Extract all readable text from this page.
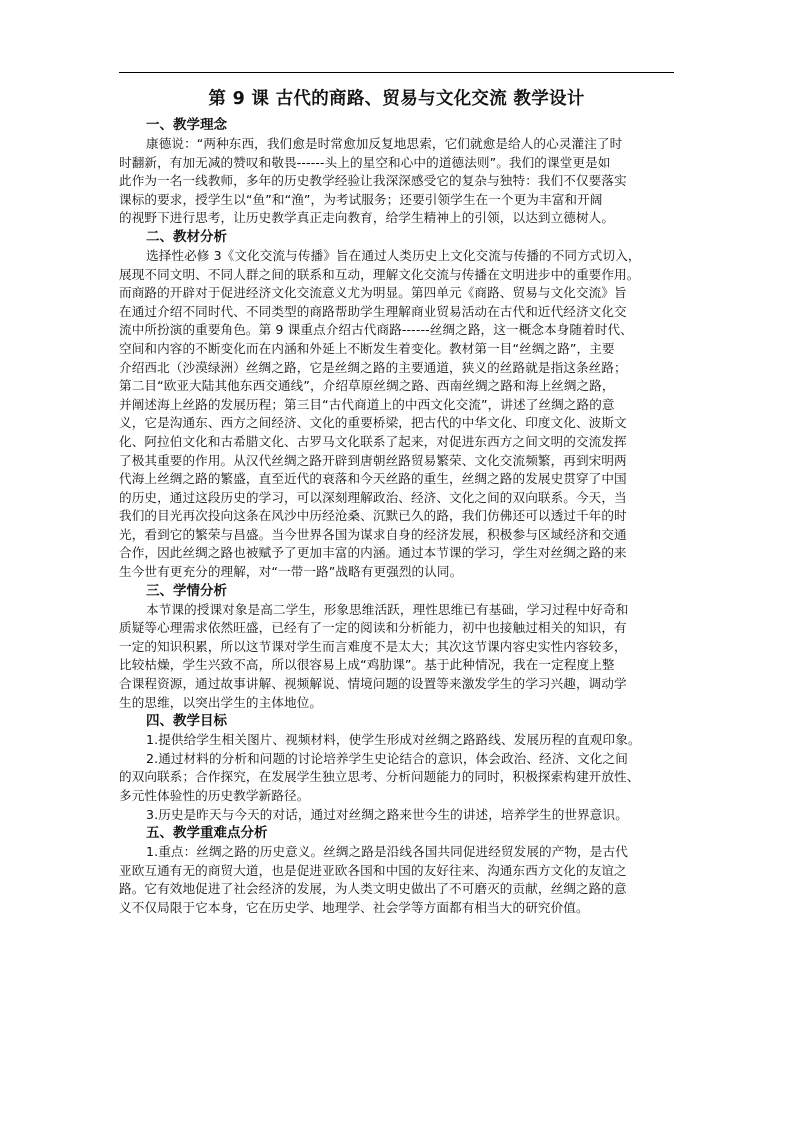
第 9 课 古代的商路、贸易与文化交流 教学设计
一、教学理念

康德说：“两种东西，我们愈是时常愈加反复地思索，它们就愈是给人的心灵灌注了时
时翻新，有加无减的赞叹和敬畏------头上的星空和心中的道德法则”。我们的课堂更是如
此作为一名一线教师，多年的历史教学经验让我深深感受它的复杂与独特：我们不仅要落实
课标的要求，授学生以“鱼”和“渔”，为考试服务；还要引领学生在一个更为丰富和开阔
的视野下进行思考，让历史教学真正走向教育，给学生精神上的引领，以达到立德树人。

二、教材分析

选择性必修 3《文化交流与传播》旨在通过人类历史上文化交流与传播的不同方式切入，
展现不同文明、不同人群之间的联系和互动，理解文化交流与传播在文明进步中的重要作用。
而商路的开辟对于促进经济文化交流意义尤为明显。第四单元《商路、贸易与文化交流》旨
在通过介绍不同时代、不同类型的商路帮助学生理解商业贸易活动在古代和近代经济文化交
流中所扮演的重要角色。第 9 课重点介绍古代商路------丝绸之路，这一概念本身随着时代、
空间和内容的不断变化而在内涵和外延上不断发生着变化。教材第一目“丝绸之路”，主要
介绍西北（沙漠绿洲）丝绸之路，它是丝绸之路的主要通道，狭义的丝路就是指这条丝路；
第二目“欧亚大陆其他东西交通线”，介绍草原丝绸之路、西南丝绸之路和海上丝绸之路，
并阐述海上丝路的发展历程；第三目“古代商道上的中西文化交流”，讲述了丝绸之路的意
义，它是沟通东、西方之间经济、文化的重要桥梁，把古代的中华文化、印度文化、波斯文
化、阿拉伯文化和古希腊文化、古罗马文化联系了起来，对促进东西方之间文明的交流发挥
了极其重要的作用。从汉代丝绸之路开辟到唐朝丝路贸易繁荣、文化交流频繁，再到宋明两
代海上丝绸之路的繁盛，直至近代的衰落和今天丝路的重生，丝绸之路的发展史贯穿了中国
的历史，通过这段历史的学习，可以深刻理解政治、经济、文化之间的双向联系。今天，当
我们的目光再次投向这条在风沙中历经沧桑、沉默已久的路，我们仿佛还可以透过千年的时
光，看到它的繁荣与昌盛。当今世界各国为谋求自身的经济发展，积极参与区域经济和交通
合作，因此丝绸之路也被赋予了更加丰富的内涵。通过本节课的学习，学生对丝绸之路的来
生今世有更充分的理解，对“一带一路”战略有更强烈的认同。

三、学情分析

本节课的授课对象是高二学生，形象思维活跃，理性思维已有基础，学习过程中好奇和
质疑等心理需求依然旺盛，已经有了一定的阅读和分析能力，初中也接触过相关的知识，有
一定的知识积累，所以这节课对学生而言难度不是太大；其次这节课内容史实性内容较多，
比较枯燥，学生兴致不高，所以很容易上成“鸡肋课”。基于此种情况，我在一定程度上整
合课程资源，通过故事讲解、视频解说、情境问题的设置等来激发学生的学习兴趣，调动学
生的思维，以突出学生的主体地位。

四、教学目标

1.提供给学生相关图片、视频材料，使学生形成对丝绸之路路线、发展历程的直观印象。

2.通过材料的分析和问题的讨论培养学生史论结合的意识，体会政治、经济、文化之间
的双向联系；合作探究，在发展学生独立思考、分析问题能力的同时，积极探索构建开放性、
多元性体验性的历史教学新路径。

3.历史是昨天与今天的对话，通过对丝绸之路来世今生的讲述，培养学生的世界意识。

五、教学重难点分析

1.重点：丝绸之路的历史意义。丝绸之路是沿线各国共同促进经贸发展的产物，是古代
亚欧互通有无的商贸大道，也是促进亚欧各国和中国的友好往来、沟通东西方文化的友谊之
路。它有效地促进了社会经济的发展，为人类文明史做出了不可磨灭的贡献，丝绸之路的意
义不仅局限于它本身，它在历史学、地理学、社会学等方面都有相当大的研究价值。
